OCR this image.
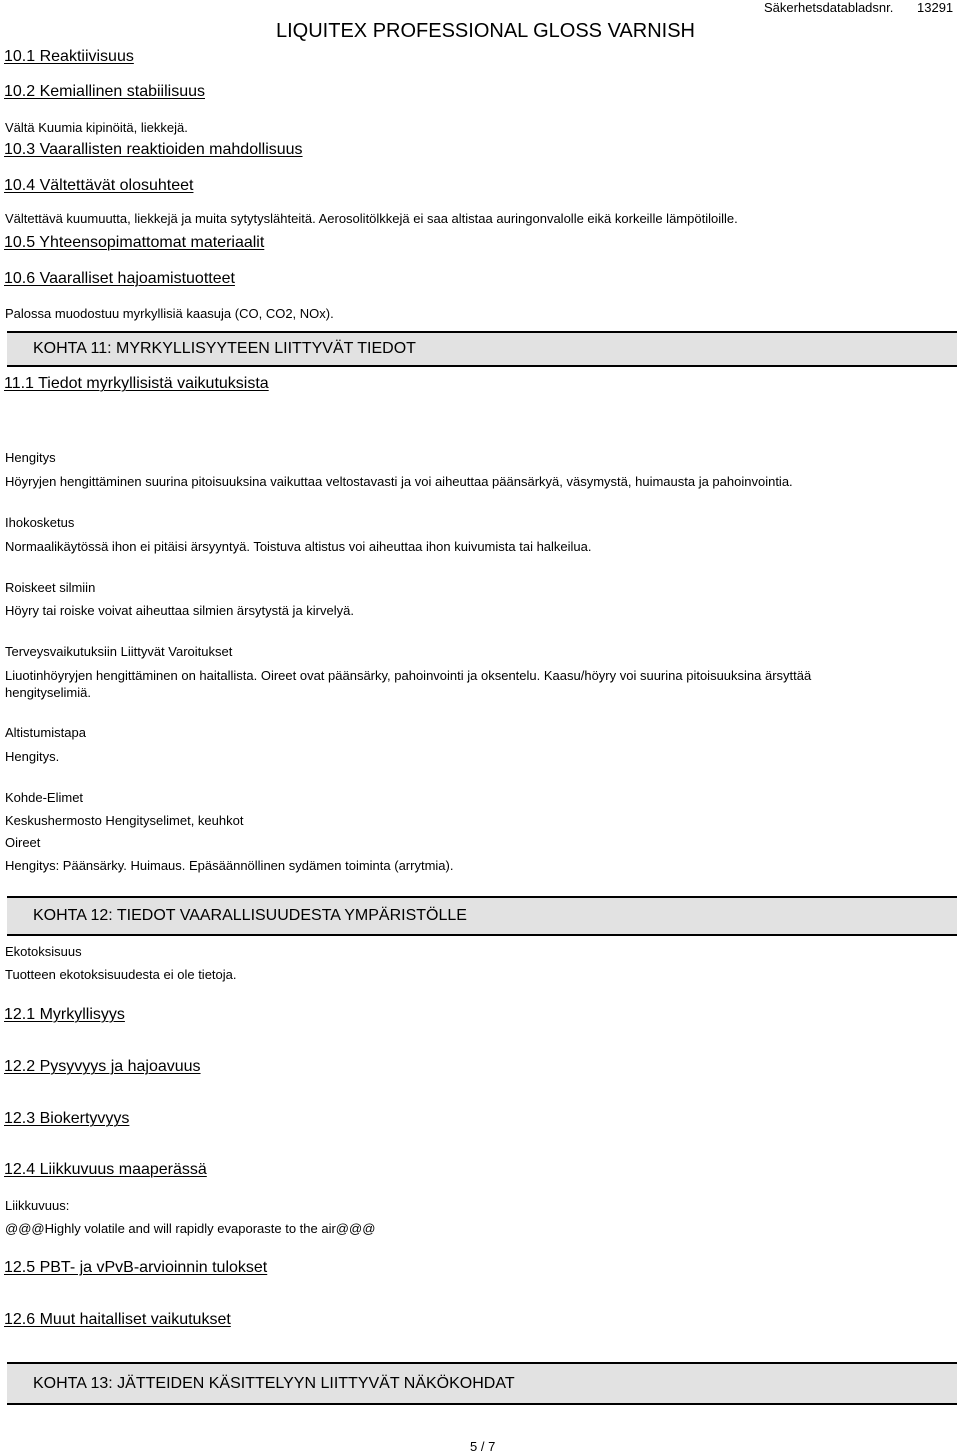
10.1 Reaktiivisuus
LIQUITEX PROFESSIONAL GLOSS VARNISH
Säkerhetsdatabladsnr. 13291
10.2 Kemiallinen stabiilisuus
Vältä Kuumia kipinöitä, liekkejä.
10.3 Vaarallisten reaktioiden mahdollisuus
10.4 Vältettävät olosuhteet
Vältettävä kuumuutta, liekkejä ja muita sytytyslähteitä. Aerosolitölkkejä ei saa altistaa auringonvalolle eikä korkeille lämpötiloille.
10.5 Yhteensopimattomat materiaalit
10.6 Vaaralliset hajoamistuotteet
Palossa muodostuu myrkyllisiä kaasuja (CO, CO2, NOx).
KOHTA 11: MYRKYLLISYYTEEN LIITTYVÄT TIEDOT
11.1 Tiedot myrkyllisistä vaikutuksista
Hengitys
Höyryjen hengittäminen suurina pitoisuuksina vaikuttaa veltostavasti ja voi aiheuttaa päänsärkyä, väsymystä, huimausta ja pahoinvointia.
Ihokosketus
Normaalikäytössä ihon ei pitäisi ärsyyntyä. Toistuva altistus voi aiheuttaa ihon kuivumista tai halkeilua.
Roiskeet silmiin
Höyry tai roiske voivat aiheuttaa silmien ärsytystä ja kirvelyä.
Terveysvaikutuksiin Liittyvät Varoitukset
Liuotinhöyryjen hengittäminen on haitallista. Oireet ovat päänsärky, pahoinvointi ja oksentelu. Kaasu/höyry voi suurina pitoisuuksina ärsyttää
hengityselimiä.
Altistumistapa
Hengitys.
Kohde-Elimet
Keskushermosto Hengityselimet, keuhkot
Oireet
Hengitys: Päänsärky. Huimaus. Epäsäännöllinen sydämen toiminta (arrytmia).
KOHTA 12: TIEDOT VAARALLISUUDESTA YMPÄRISTÖLLE
Ekotoksisuus
Tuotteen ekotoksisuudesta ei ole tietoja.
12.1 Myrkyllisyys
12.2 Pysyvyys ja hajoavuus
12.3 Biokertyvyys
12.4 Liikkuvuus maaperässä
Liikkuvuus:
@@@Highly volatile and will rapidly evaporaste to the air@@@
12.5 PBT- ja vPvB-arvioinnin tulokset
12.6 Muut haitalliset vaikutukset
KOHTA 13: JÄTTEIDEN KÄSITTELYYN LIITTYVÄT NÄKÖKOHDAT
5 / 7
